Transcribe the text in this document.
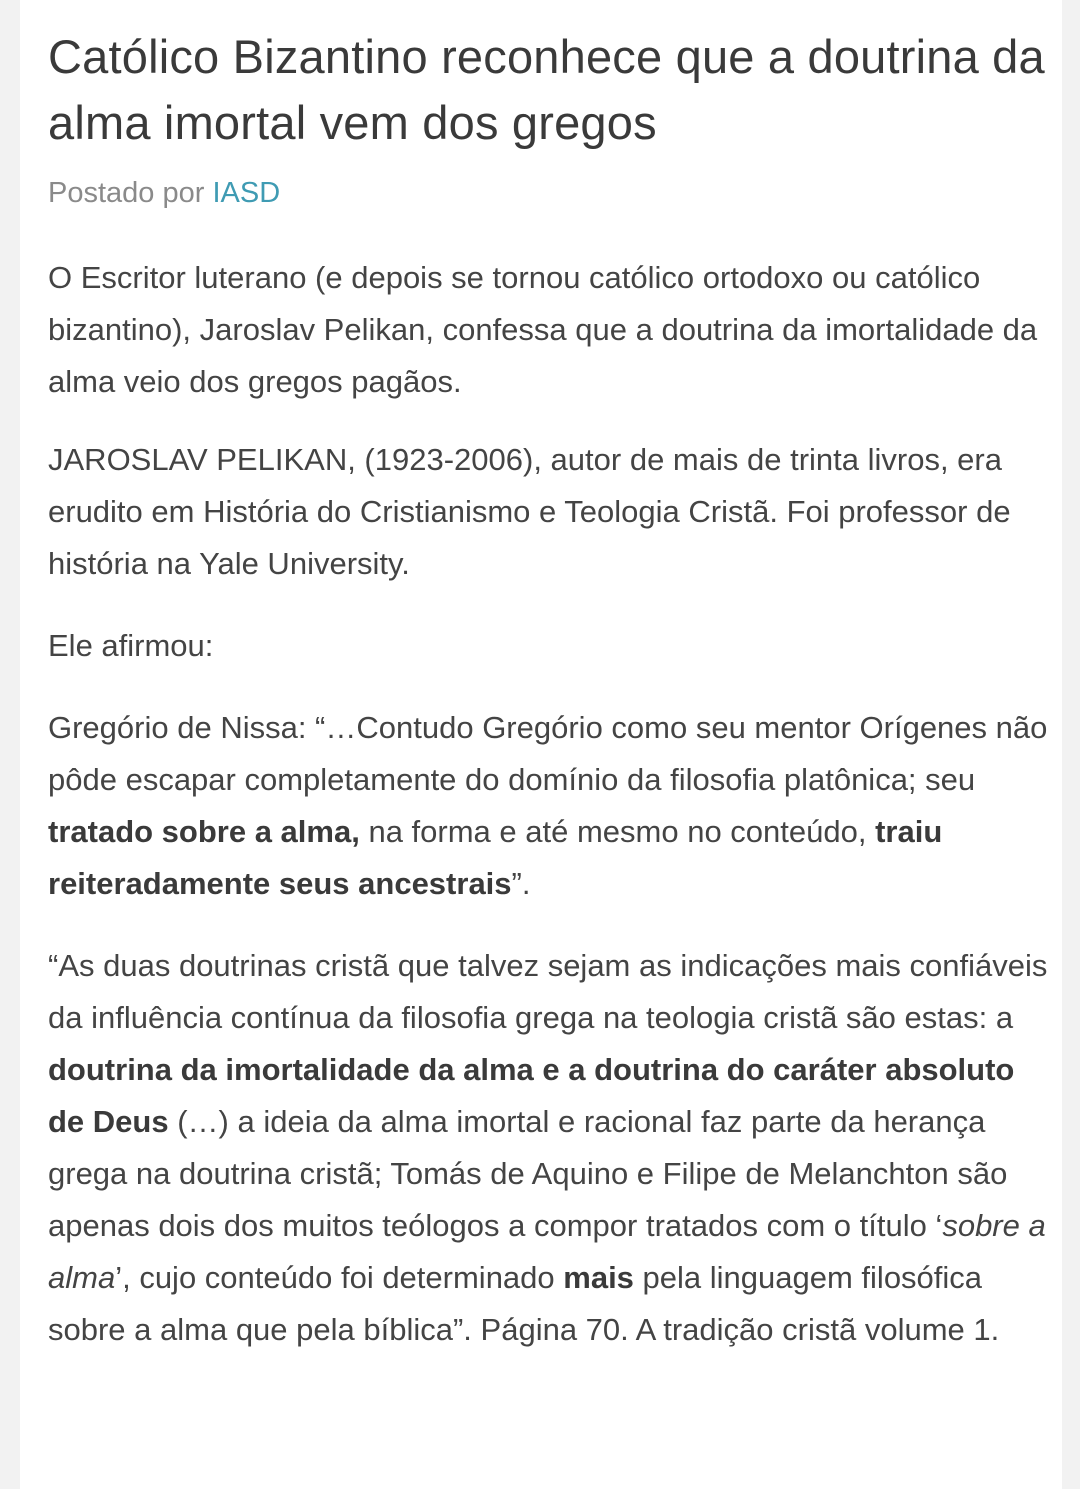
Católico Bizantino reconhece que a doutrina da alma imortal vem dos gregos
Postado por IASD

O Escritor luterano (e depois se tornou católico ortodoxo ou católico bizantino), Jaroslav Pelikan, confessa que a doutrina da imortalidade da alma veio dos gregos pagãos.

JAROSLAV PELIKAN, (1923-2006), autor de mais de trinta livros, era erudito em História do Cristianismo e Teologia Cristã. Foi professor de história na Yale University.

Ele afirmou:

Gregório de Nissa: “…Contudo Gregório como seu mentor Orígenes não pôde escapar completamente do domínio da filosofia platônica; seu tratado sobre a alma, na forma e até mesmo no conteúdo, traiu reiteradamente seus ancestrais”.

“As duas doutrinas cristã que talvez sejam as indicações mais confiáveis da influência contínua da filosofia grega na teologia cristã são estas: a doutrina da imortalidade da alma e a doutrina do caráter absoluto de Deus (…) a ideia da alma imortal e racional faz parte da herança grega na doutrina cristã; Tomás de Aquino e Filipe de Melanchton são apenas dois dos muitos teólogos a compor tratados com o título ‘sobre a alma’, cujo conteúdo foi determinado mais pela linguagem filosófica sobre a alma que pela bíblica”. Página 70. A tradição cristã volume 1.
